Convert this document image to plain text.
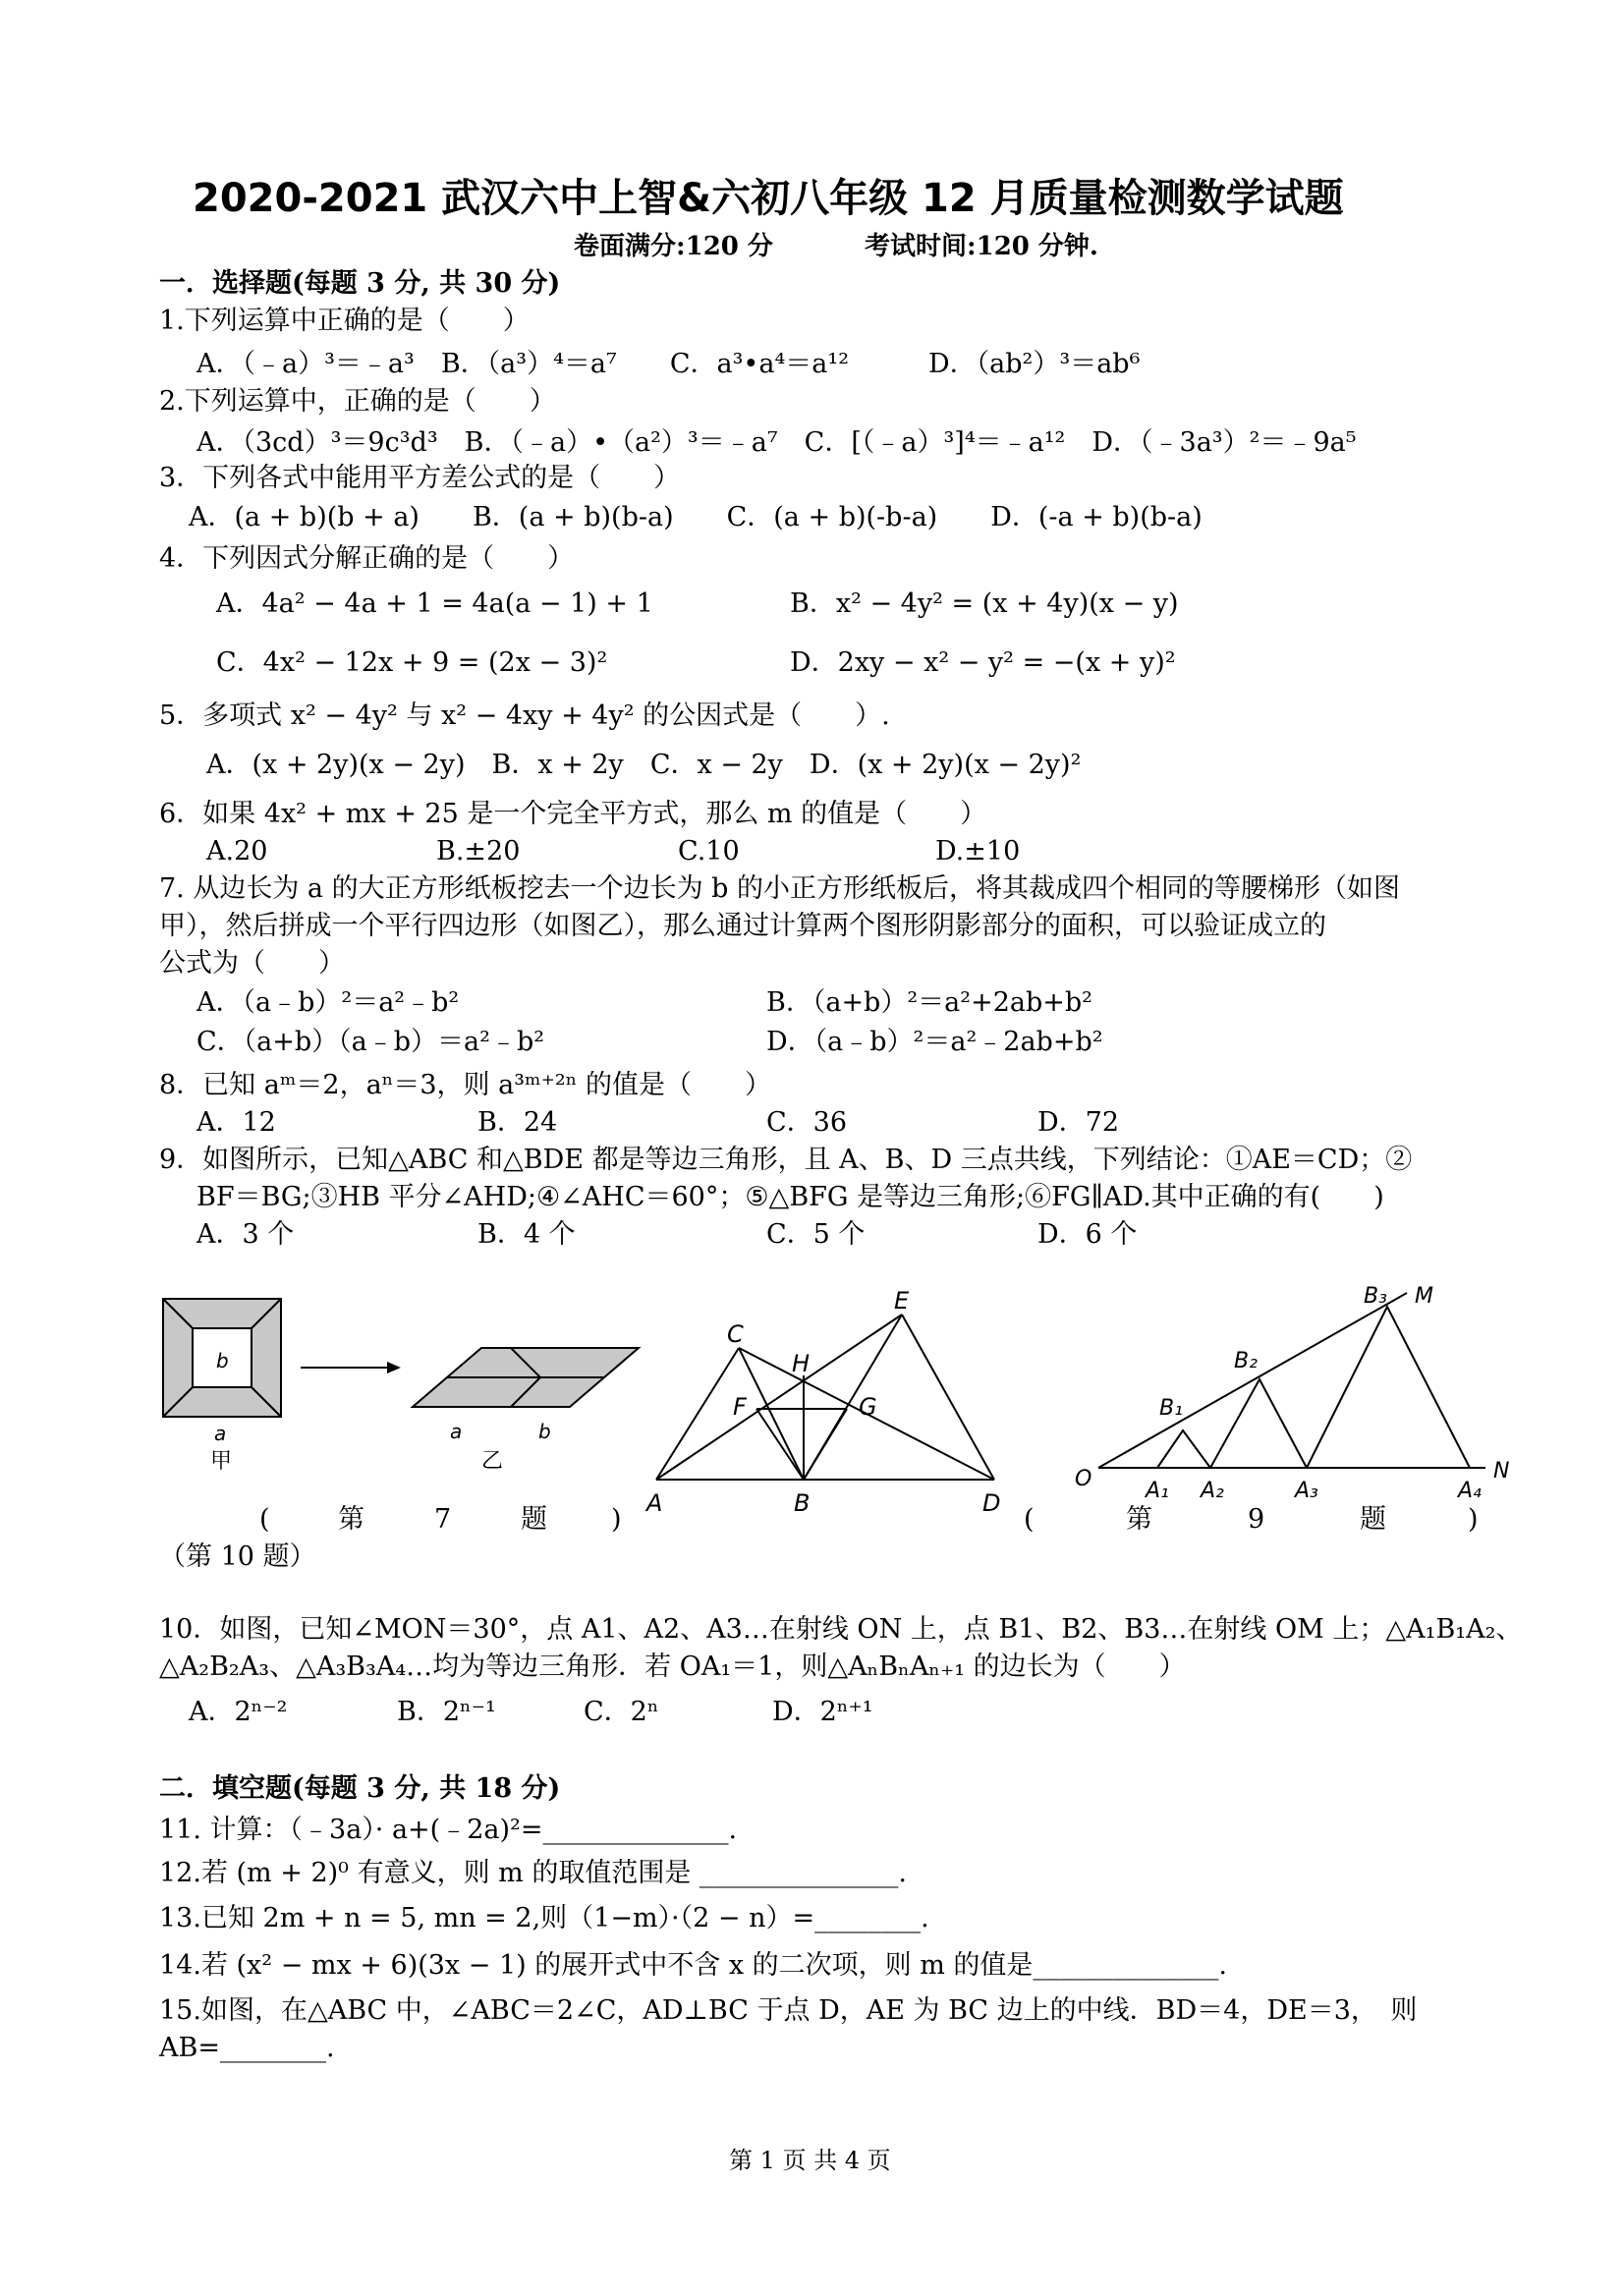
2020-2021 武汉六中上智&六初八年级 12 月质量检测数学试题
卷面满分:120 分	考试时间:120 分钟.
一．选择题(每题 3 分, 共 30 分)
1.下列运算中正确的是（　　）
A．（﹣a）³＝﹣a³　B．（a³）⁴＝a⁷　　C．a³•a⁴＝a¹²　　　D．（ab²）³＝ab⁶
2.下列运算中，正确的是（　　）
A．（3cd）³＝9c³d³　B．（﹣a）•（a²）³＝﹣a⁷　C．[（﹣a）³]⁴＝﹣a¹²　D．（﹣3a³）²＝﹣9a⁵
3．下列各式中能用平方差公式的是（　　）
A．(a + b)(b + a)　　B．(a + b)(b-a)　　C．(a + b)(-b-a)　　D．(-a + b)(b-a)
4．下列因式分解正确的是（　　）
A．4a² − 4a + 1 = 4a(a − 1) + 1	B．x² − 4y² = (x + 4y)(x − y)
C．4x² − 12x + 9 = (2x − 3)²	D．2xy − x² − y² = −(x + y)²
5．多项式 x² − 4y² 与 x² − 4xy + 4y² 的公因式是（　　）.
A．(x + 2y)(x − 2y)　B．x + 2y　C．x − 2y　D．(x + 2y)(x − 2y)²
6．如果 4x² + mx + 25 是一个完全平方式，那么 m 的值是（　　）
A.20	B.±20	C.10	D.±10
7. 从边长为 a 的大正方形纸板挖去一个边长为 b 的小正方形纸板后，将其裁成四个相同的等腰梯形（如图
甲），然后拼成一个平行四边形（如图乙），那么通过计算两个图形阴影部分的面积，可以验证成立的
公式为（　　）
A．（a﹣b）²＝a²﹣b²	B．（a+b）²＝a²+2ab+b²
C．（a+b）（a﹣b）＝a²﹣b²	D．（a﹣b）²＝a²﹣2ab+b²
8．已知 aᵐ＝2，aⁿ＝3，则 a³ᵐ⁺²ⁿ 的值是（　　）
A．12	B．24	C．36	D．72
9．如图所示，已知△ABC 和△BDE 都是等边三角形，且 A、B、D 三点共线，下列结论：①AE＝CD；②
BF＝BG;③HB 平分∠AHD;④∠AHC＝60°；⑤△BFG 是等边三角形;⑥FG∥AD.其中正确的有(　　)
A．3 个	B．4 个	C．5 个	D．6 个
b
a
甲
a	b
乙
C
E
H
F	G
A	B	D
O	N
M
B₁
B₂
B₃
A₁ A₂	A₃	A₄
(	第	7	题 )	(	第	9	题	)
（第 10 题）
10．如图，已知∠MON＝30°，点 A1、A2、A3…在射线 ON 上，点 B1、B2、B3…在射线 OM 上；△A₁B₁A₂、
△A₂B₂A₃、△A₃B₃A₄…均为等边三角形．若 OA₁＝1，则△AₙBₙAₙ₊₁ 的边长为（　　）
A．2ⁿ⁻²	B．2ⁿ⁻¹	C．2ⁿ	D．2ⁿ⁺¹
二．填空题(每题 3 分, 共 18 分)
11. 计算：（﹣3a）· a+(﹣2a)²=______________.
12.若 (m + 2)⁰ 有意义，则 m 的取值范围是 _______________.
13.已知 2m + n = 5, mn = 2,则（1−m）·（2 − n）=________.
14.若 (x² − mx + 6)(3x − 1) 的展开式中不含 x 的二次项，则 m 的值是______________.
15.如图，在△ABC 中，∠ABC＝2∠C，AD⊥BC 于点 D，AE 为 BC 边上的中线．BD＝4，DE＝3，　则
AB=________.
第 1 页 共 4 页
